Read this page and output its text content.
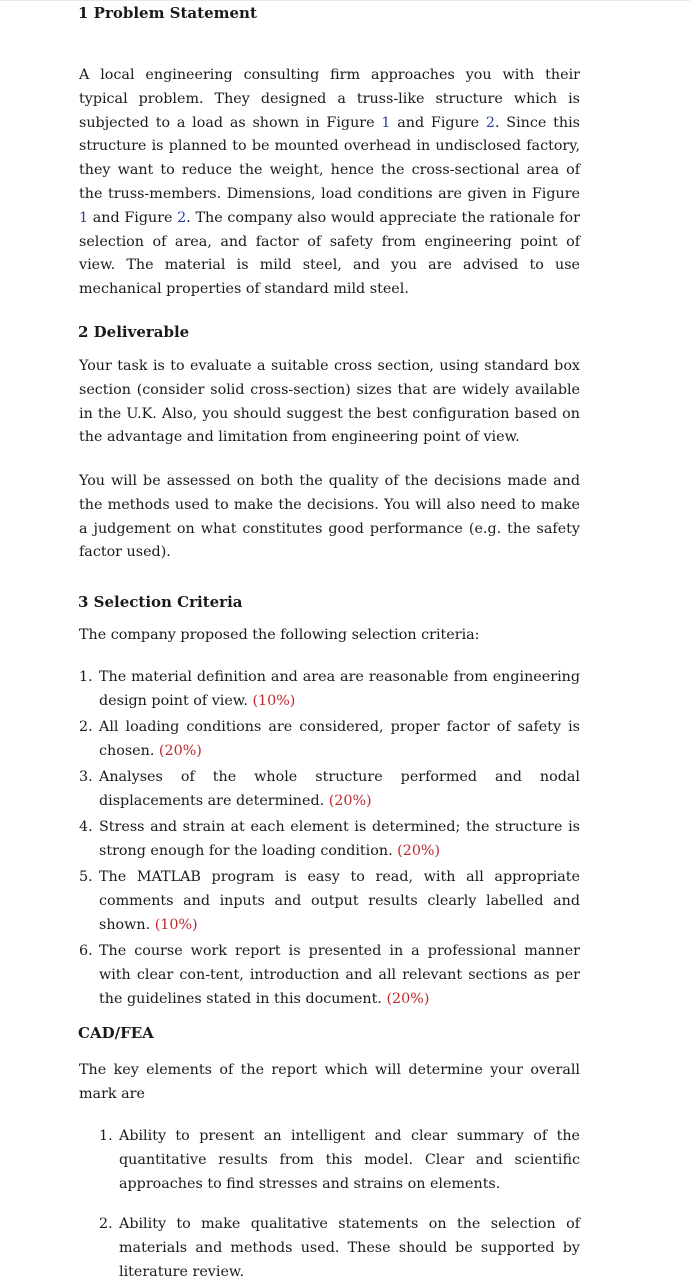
1 Problem Statement
A local engineering consulting firm approaches you with their typical problem. They designed a truss-like structure which is subjected to a load as shown in Figure 1 and Figure 2. Since this structure is planned to be mounted overhead in undisclosed factory, they want to reduce the weight, hence the cross-sectional area of the truss-members. Dimensions, load conditions are given in Figure 1 and Figure 2. The company also would appreciate the rationale for selection of area, and factor of safety from engineering point of view. The material is mild steel, and you are advised to use mechanical properties of standard mild steel.
2 Deliverable
Your task is to evaluate a suitable cross section, using standard box section (consider solid cross-section) sizes that are widely available in the U.K. Also, you should suggest the best configuration based on the advantage and limitation from engineering point of view.
You will be assessed on both the quality of the decisions made and the methods used to make the decisions. You will also need to make a judgement on what constitutes good performance (e.g. the safety factor used).
3 Selection Criteria
The company proposed the following selection criteria:
1. The material definition and area are reasonable from engineering design point of view. (10%)
2. All loading conditions are considered, proper factor of safety is chosen. (20%)
3. Analyses of the whole structure performed and nodal displacements are determined. (20%)
4. Stress and strain at each element is determined; the structure is strong enough for the loading condition. (20%)
5. The MATLAB program is easy to read, with all appropriate comments and inputs and output results clearly labelled and shown. (10%)
6. The course work report is presented in a professional manner with clear con-tent, introduction and all relevant sections as per the guidelines stated in this document. (20%)
CAD/FEA
The key elements of the report which will determine your overall mark are
1. Ability to present an intelligent and clear summary of the quantitative results from this model. Clear and scientific approaches to find stresses and strains on elements.
2. Ability to make qualitative statements on the selection of materials and methods used. These should be supported by literature review.
